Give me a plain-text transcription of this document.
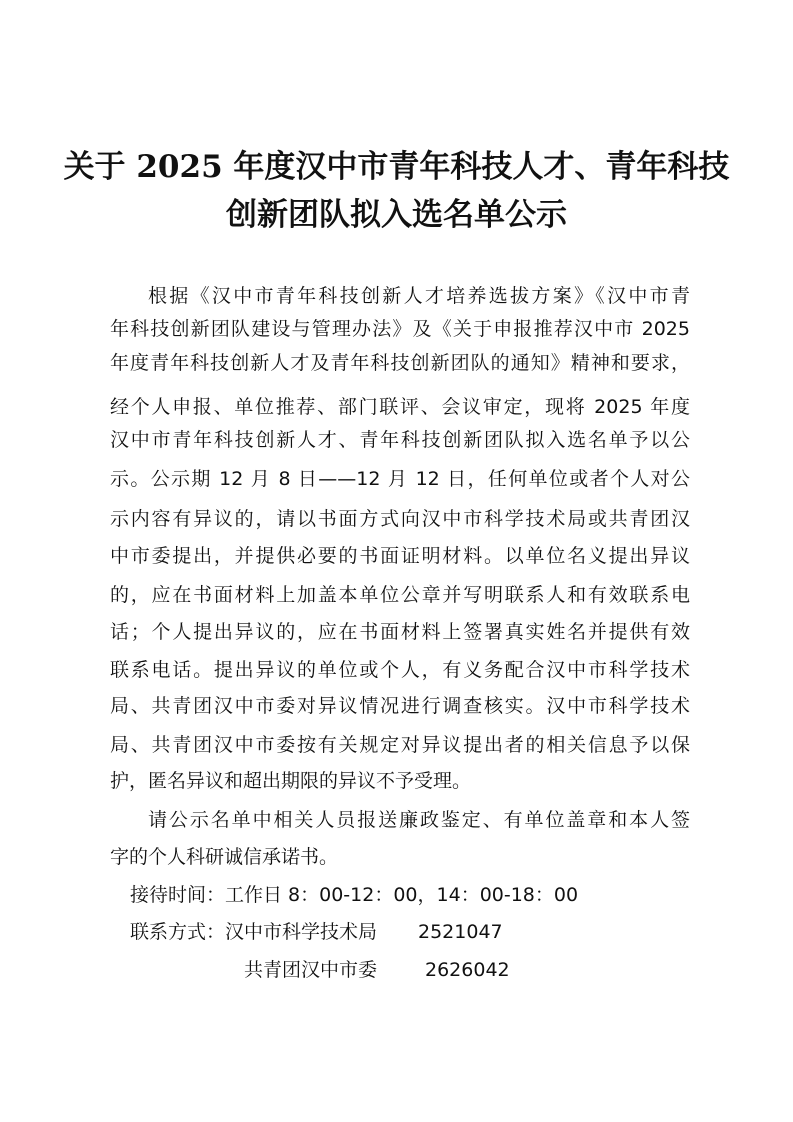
关于 2025 年度汉中市青年科技人才、青年科技
创新团队拟入选名单公示
根据《汉中市青年科技创新人才培养选拔方案》《汉中市青
年科技创新团队建设与管理办法》及《关于申报推荐汉中市 2025
年度青年科技创新人才及青年科技创新团队的通知》精神和要求，
经个人申报、单位推荐、部门联评、会议审定，现将 2025 年度
汉中市青年科技创新人才、青年科技创新团队拟入选名单予以公
示。公示期 12 月 8 日——12 月 12 日，任何单位或者个人对公
示内容有异议的，请以书面方式向汉中市科学技术局或共青团汉
中市委提出，并提供必要的书面证明材料。以单位名义提出异议
的，应在书面材料上加盖本单位公章并写明联系人和有效联系电
话；个人提出异议的，应在书面材料上签署真实姓名并提供有效
联系电话。提出异议的单位或个人，有义务配合汉中市科学技术
局、共青团汉中市委对异议情况进行调查核实。汉中市科学技术
局、共青团汉中市委按有关规定对异议提出者的相关信息予以保
护，匿名异议和超出期限的异议不予受理。
请公示名单中相关人员报送廉政鉴定、有单位盖章和本人签
字的个人科研诚信承诺书。
接待时间： 工作日 8：00-12：00，14：00-18：00
联系方式： 汉中市科学技术局 2521047
共青团汉中市委	2626042
